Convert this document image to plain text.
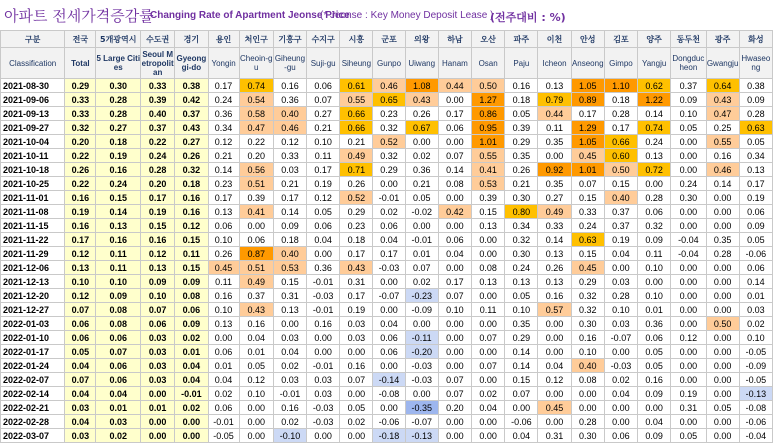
아파트 전세가격증감률
Changing Rate of Apartment Jeonse Price
(* Jeonse : Key Money Deposit Lease )
(전주대비 : %)
구분	전국	5개광역시	수도권	경기	용인	처인구	기흥구	수지구	시흥	군포	의왕	하남	오산	파주	이천	안성	김포	양주	동두천	광주	화성
Classification	Total	5 Large Cities	Seoul Metropolitan	Gyeonggi-do	Yongin	Cheoin-gu	Giheung-gu	Suji-gu	Siheung	Gunpo	Uiwang	Hanam	Osan	Paju	Icheon	Anseong	Gimpo	Yangju	Dongducheon	Gwangju	Hwaseong
2021-08-30	0.29	0.30	0.33	0.38	0.17	0.74	0.16	0.06	0.61	0.46	1.08	0.44	0.50	0.16	0.13	1.05	1.10	0.62	0.37	0.64	0.38
2021-09-06	0.33	0.28	0.39	0.42	0.24	0.54	0.36	0.07	0.55	0.65	0.43	0.00	1.27	0.18	0.79	0.89	0.18	1.22	0.09	0.43	0.09
2021-09-13	0.33	0.28	0.40	0.37	0.36	0.58	0.40	0.27	0.66	0.23	0.26	0.17	0.86	0.05	0.44	0.17	0.28	0.14	0.10	0.47	0.28
2021-09-27	0.32	0.27	0.37	0.43	0.34	0.47	0.46	0.21	0.66	0.32	0.67	0.06	0.95	0.39	0.11	1.29	0.17	0.74	0.05	0.25	0.63
2021-10-04	0.20	0.18	0.22	0.27	0.12	0.22	0.12	0.10	0.21	0.52	0.00	0.00	1.01	0.29	0.35	1.05	0.66	0.24	0.00	0.55	0.05
2021-10-11	0.22	0.19	0.24	0.26	0.21	0.20	0.33	0.11	0.49	0.32	0.02	0.07	0.55	0.35	0.00	0.45	0.60	0.13	0.00	0.16	0.34
2021-10-18	0.26	0.16	0.28	0.32	0.14	0.56	0.03	0.17	0.71	0.29	0.36	0.14	0.41	0.26	0.92	1.01	0.50	0.72	0.00	0.46	0.13
2021-10-25	0.22	0.24	0.20	0.18	0.23	0.51	0.21	0.19	0.26	0.00	0.21	0.08	0.53	0.21	0.35	0.07	0.15	0.00	0.24	0.14	0.17
2021-11-01	0.16	0.15	0.17	0.16	0.17	0.39	0.17	0.12	0.52	-0.01	0.05	0.00	0.39	0.30	0.27	0.15	0.40	0.28	0.30	0.00	0.19
2021-11-08	0.19	0.14	0.19	0.16	0.13	0.41	0.14	0.05	0.29	0.02	-0.02	0.42	0.15	0.80	0.49	0.33	0.37	0.06	0.00	0.00	0.06
2021-11-15	0.16	0.13	0.15	0.12	0.06	0.00	0.09	0.06	0.23	0.06	0.00	0.00	0.13	0.34	0.33	0.24	0.37	0.32	0.00	0.00	0.09
2021-11-22	0.17	0.16	0.16	0.15	0.10	0.06	0.18	0.04	0.18	0.04	-0.01	0.06	0.00	0.32	0.14	0.63	0.19	0.09	-0.04	0.35	0.05
2021-11-29	0.12	0.11	0.12	0.11	0.26	0.87	0.40	0.00	0.17	0.17	0.01	0.04	0.00	0.30	0.13	0.15	0.04	0.11	-0.04	0.28	-0.06
2021-12-06	0.13	0.11	0.13	0.15	0.45	0.51	0.53	0.36	0.43	-0.03	0.07	0.00	0.08	0.24	0.26	0.45	0.00	0.10	0.00	0.00	0.06
2021-12-13	0.10	0.10	0.09	0.09	0.11	0.49	0.15	-0.01	0.31	0.00	0.02	0.17	0.13	0.13	0.13	0.29	0.03	0.00	0.00	0.00	0.14
2021-12-20	0.12	0.09	0.10	0.08	0.16	0.37	0.31	-0.03	0.17	-0.07	-0.23	0.07	0.00	0.05	0.16	0.32	0.28	0.10	0.00	0.00	0.01
2021-12-27	0.07	0.08	0.07	0.06	0.10	0.43	0.13	-0.01	0.19	0.00	-0.09	0.10	0.11	0.10	0.57	0.32	0.10	0.01	0.00	0.00	0.03
2022-01-03	0.06	0.08	0.06	0.09	0.13	0.16	0.00	0.16	0.03	0.04	0.00	0.00	0.00	0.35	0.00	0.30	0.03	0.36	0.00	0.50	0.02
2022-01-10	0.06	0.06	0.03	0.02	0.00	0.04	0.03	0.00	0.03	0.06	-0.11	0.00	0.07	0.29	0.00	0.16	-0.07	0.06	0.12	0.00	0.10
2022-01-17	0.05	0.07	0.03	0.01	0.06	0.01	0.04	0.00	0.00	0.06	-0.20	0.00	0.00	0.14	0.00	0.10	0.00	0.05	0.00	0.00	-0.05
2022-01-24	0.04	0.06	0.03	0.04	0.01	0.05	0.02	-0.01	0.16	0.00	-0.03	0.00	0.07	0.14	0.04	0.40	-0.03	0.05	0.00	0.00	-0.09
2022-02-07	0.07	0.06	0.03	0.04	0.04	0.12	0.03	0.03	0.07	-0.14	-0.03	0.07	0.00	0.15	0.12	0.08	0.02	0.16	0.00	0.00	-0.05
2022-02-14	0.04	0.04	0.00	-0.01	0.02	0.10	-0.01	0.03	0.00	-0.08	0.00	0.07	0.02	0.07	0.00	0.00	0.04	0.09	0.19	0.00	-0.13
2022-02-21	0.03	0.01	0.01	0.02	0.06	0.00	0.16	-0.03	0.05	0.00	-0.35	0.20	0.04	0.00	0.45	0.00	0.00	0.00	0.31	0.05	-0.08
2022-02-28	0.04	0.03	0.00	0.00	-0.01	0.00	0.02	-0.03	0.02	-0.06	-0.07	0.00	0.00	-0.06	0.00	0.28	0.00	0.04	0.00	0.00	-0.06
2022-03-07	0.03	0.02	0.00	0.00	-0.05	0.00	-0.10	0.00	0.00	-0.18	-0.13	0.00	0.00	0.04	0.31	0.30	0.06	0.09	0.05	0.00	-0.04
